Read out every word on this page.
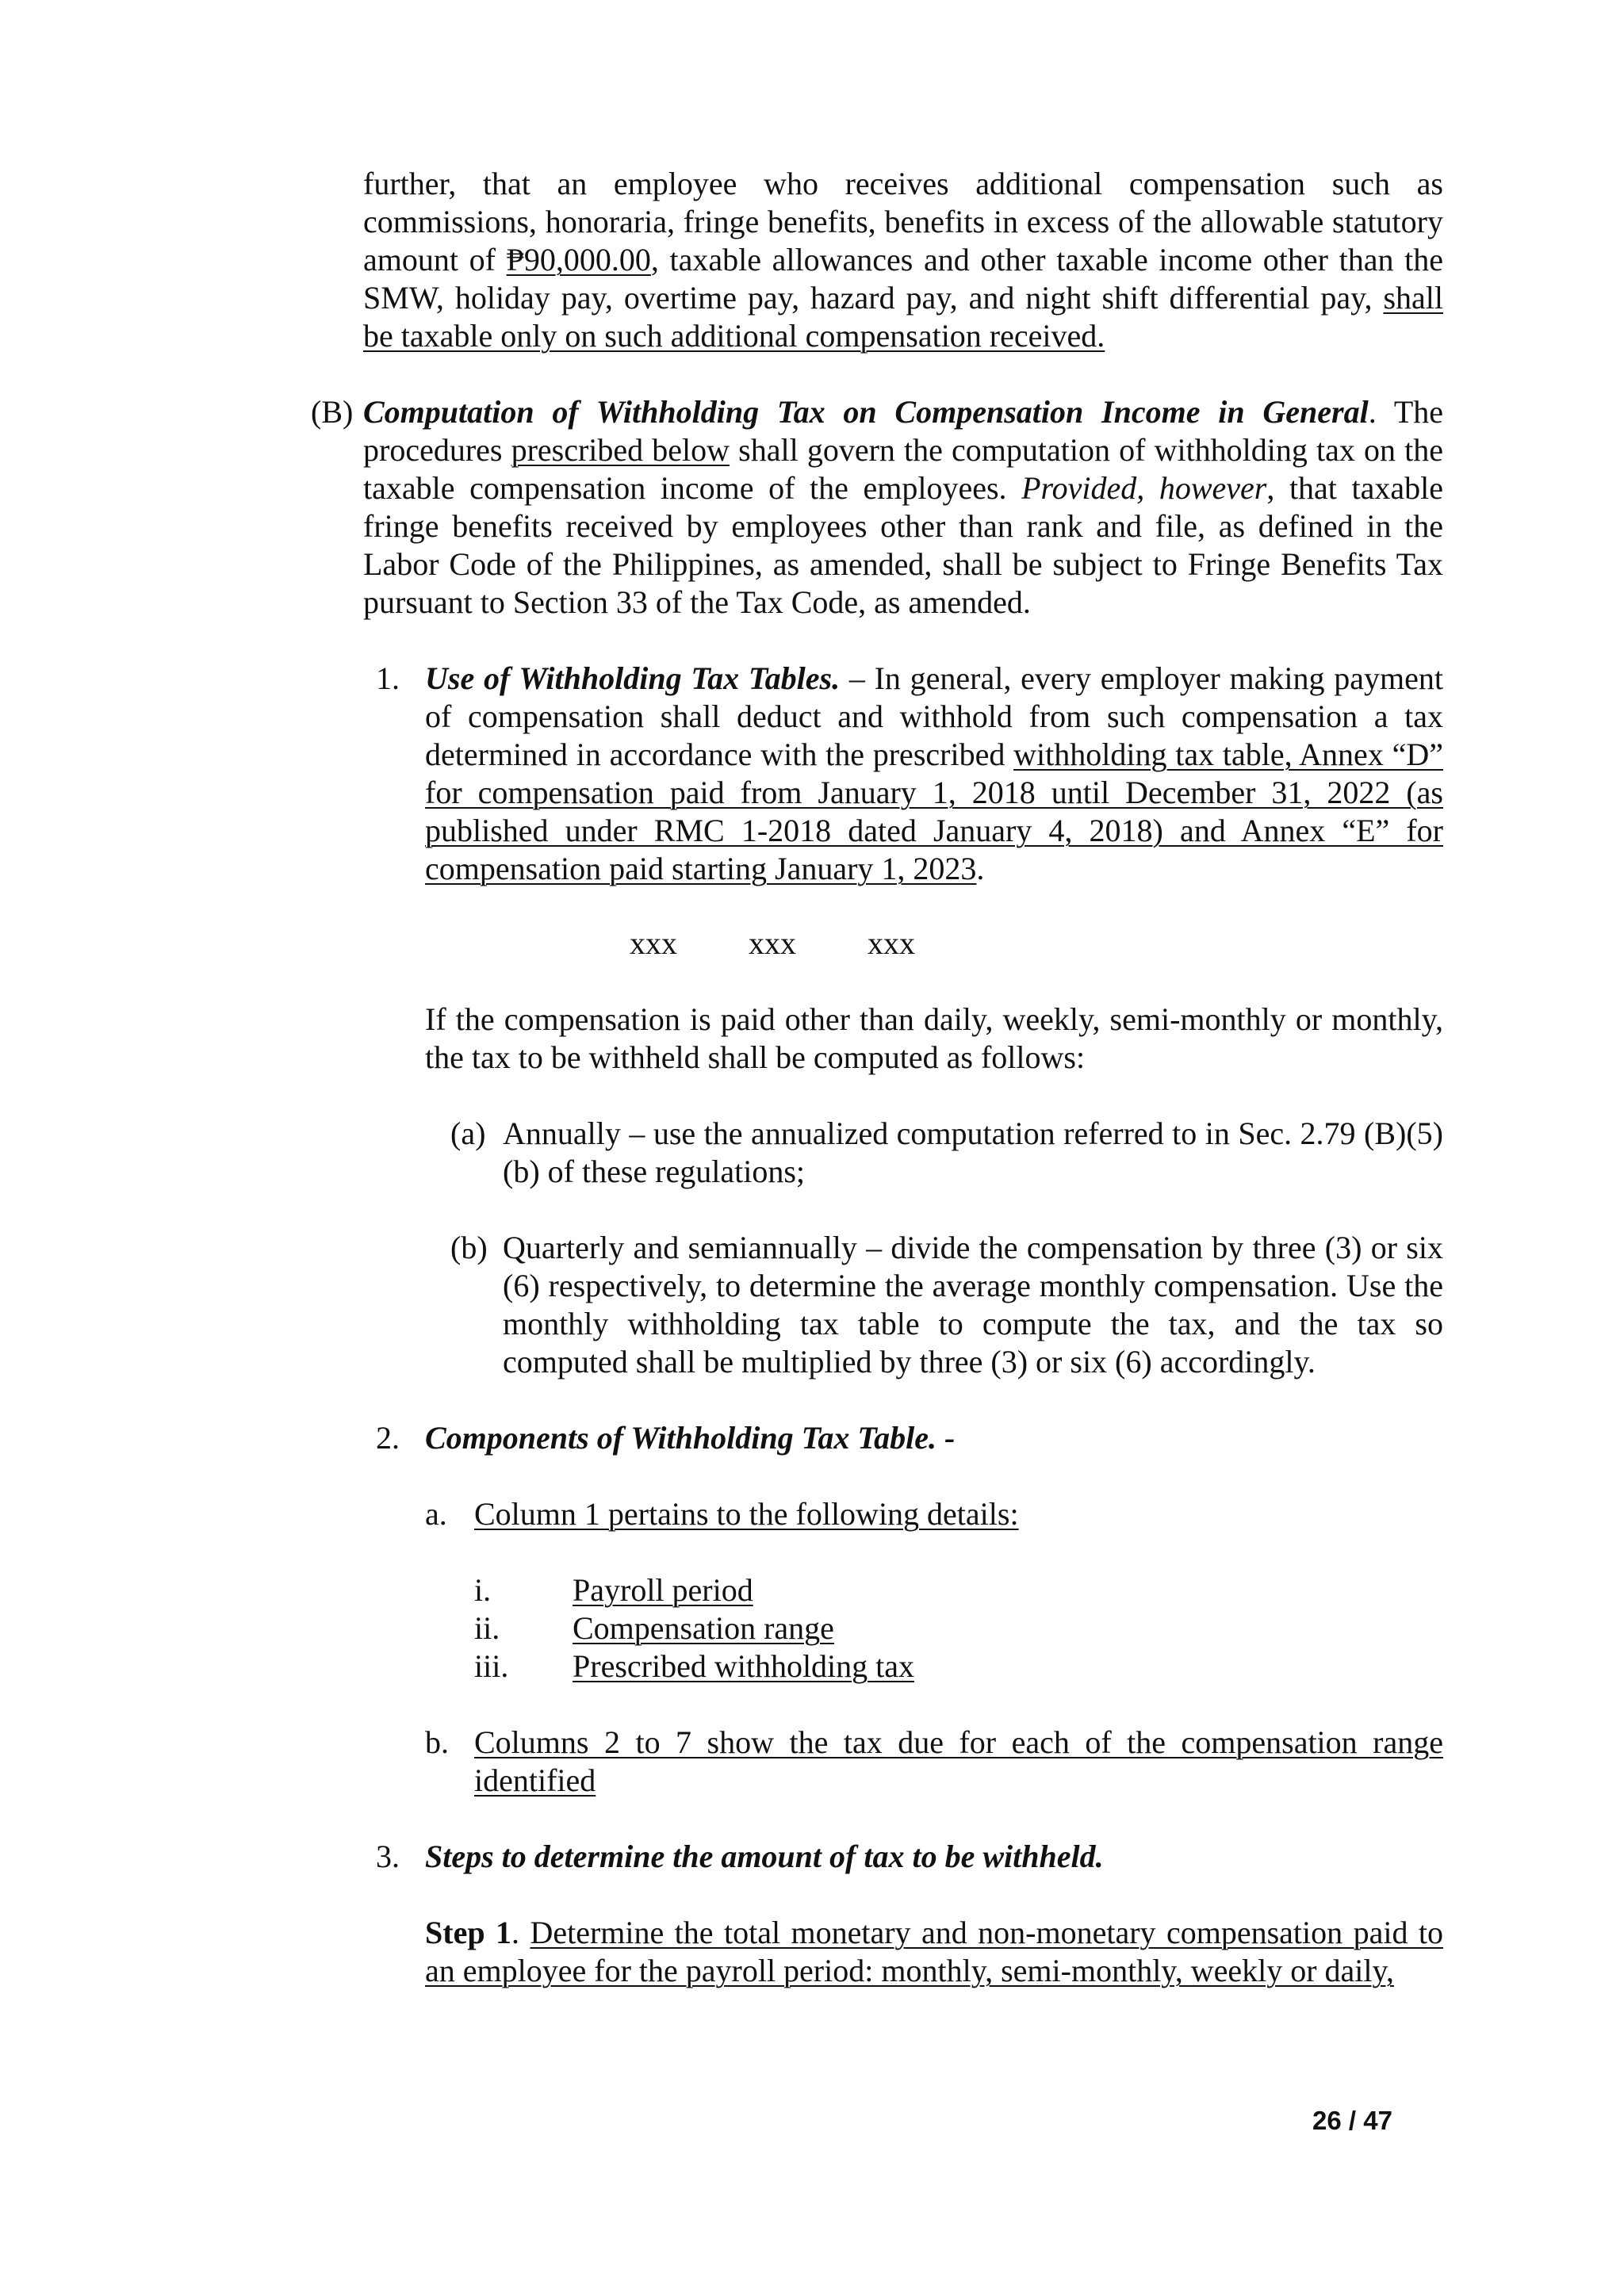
further, that an employee who receives additional compensation such as commissions, honoraria, fringe benefits, benefits in excess of the allowable statutory amount of ₱90,000.00, taxable allowances and other taxable income other than the SMW, holiday pay, overtime pay, hazard pay, and night shift differential pay, shall be taxable only on such additional compensation received.
(B) Computation of Withholding Tax on Compensation Income in General. The procedures prescribed below shall govern the computation of withholding tax on the taxable compensation income of the employees. Provided, however, that taxable fringe benefits received by employees other than rank and file, as defined in the Labor Code of the Philippines, as amended, shall be subject to Fringe Benefits Tax pursuant to Section 33 of the Tax Code, as amended.
1. Use of Withholding Tax Tables. – In general, every employer making payment of compensation shall deduct and withhold from such compensation a tax determined in accordance with the prescribed withholding tax table, Annex “D” for compensation paid from January 1, 2018 until December 31, 2022 (as published under RMC 1-2018 dated January 4, 2018) and Annex “E” for compensation paid starting January 1, 2023.
xxx xxx xxx
If the compensation is paid other than daily, weekly, semi-monthly or monthly, the tax to be withheld shall be computed as follows:
(a) Annually – use the annualized computation referred to in Sec. 2.79 (B)(5)(b) of these regulations;
(b) Quarterly and semiannually – divide the compensation by three (3) or six (6) respectively, to determine the average monthly compensation. Use the monthly withholding tax table to compute the tax, and the tax so computed shall be multiplied by three (3) or six (6) accordingly.
2. Components of Withholding Tax Table. -
a. Column 1 pertains to the following details:
i.	Payroll period
ii. Compensation range
iii. Prescribed withholding tax
b. Columns 2 to 7 show the tax due for each of the compensation range identified
3. Steps to determine the amount of tax to be withheld.
Step 1. Determine the total monetary and non-monetary compensation paid to an employee for the payroll period: monthly, semi-monthly, weekly or daily,
26 / 47
